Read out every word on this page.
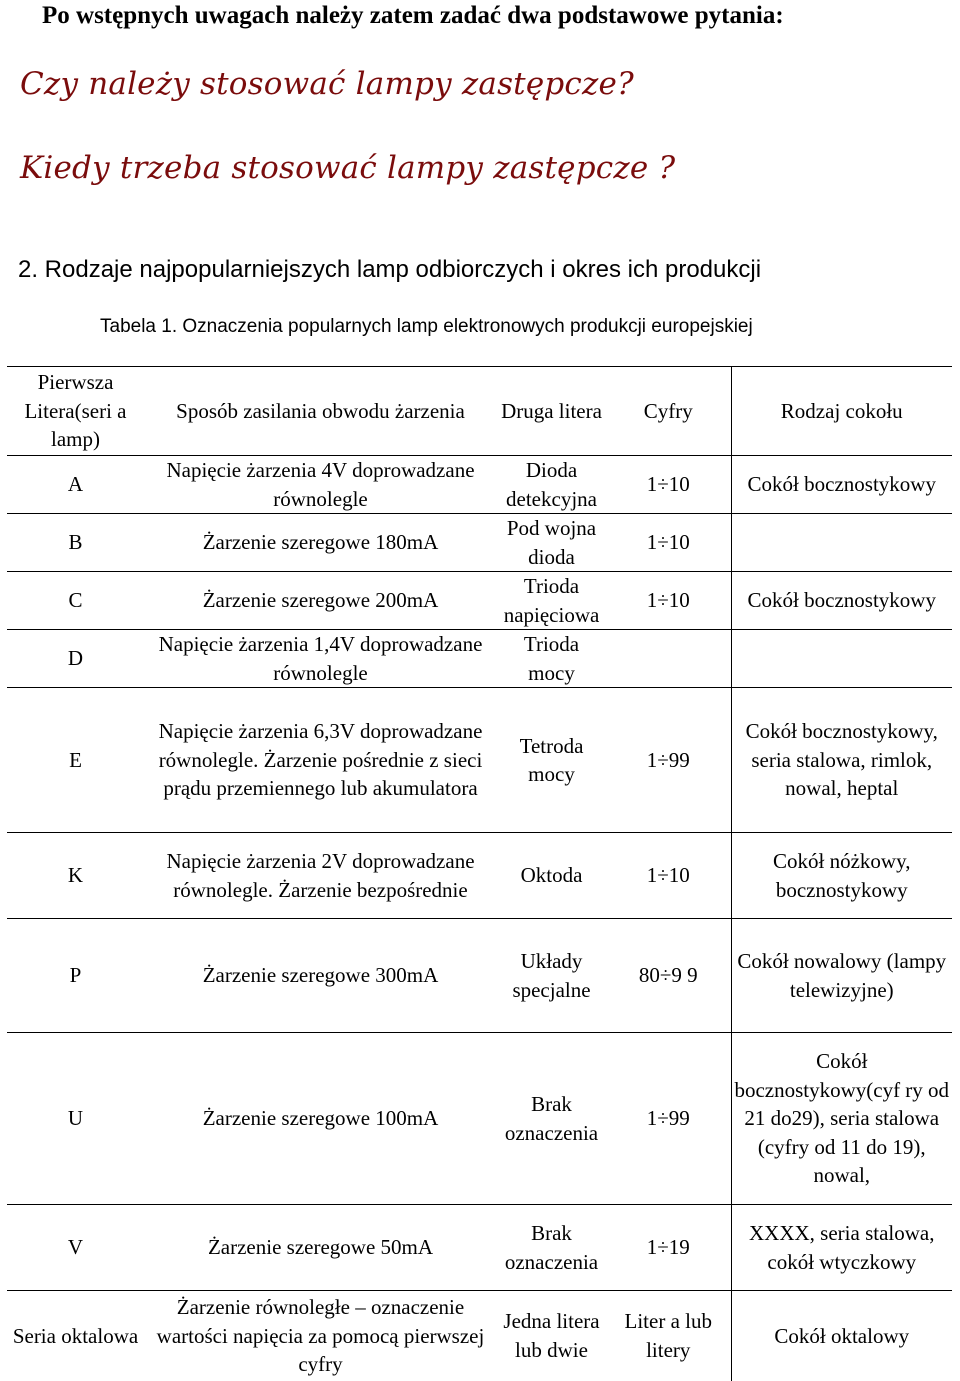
Po wstępnych uwagach należy zatem zadać dwa podstawowe pytania:
Czy należy stosować lampy zastępcze?
Kiedy trzeba stosować lampy zastępcze ?
2. Rodzaje najpopularniejszych lamp odbiorczych i okres ich produkcji
Tabela 1. Oznaczenia popularnych lamp elektronowych produkcji europejskiej
Pierwsza Litera(seri a lamp)	Sposób zasilania obwodu żarzenia	Druga litera	Cyfry	Rodzaj cokołu
A	Napięcie żarzenia 4V doprowadzane równolegle	Dioda detekcyjna	1÷10	Cokół bocznostykowy
B	Żarzenie szeregowe 180mA	Pod wojna dioda	1÷10	
C	Żarzenie szeregowe 200mA	Trioda napięciowa	1÷10	Cokół bocznostykowy
D	Napięcie żarzenia 1,4V doprowadzane równolegle	Trioda mocy		
E	Napięcie żarzenia 6,3V doprowadzane równolegle. Żarzenie pośrednie z sieci prądu przemiennego lub akumulatora	Tetroda mocy	1÷99	Cokół bocznostykowy, seria stalowa, rimlok, nowal, heptal
K	Napięcie żarzenia 2V doprowadzane równolegle. Żarzenie bezpośrednie	Oktoda	1÷10	Cokół nóżkowy, bocznostykowy
P	Żarzenie szeregowe 300mA	Układy specjalne	80÷9 9	Cokół nowalowy (lampy telewizyjne)
U	Żarzenie szeregowe 100mA	Brak oznaczenia	1÷99	Cokół bocznostykowy(cyf ry od 21 do29), seria stalowa (cyfry od 11 do 19), nowal,
V	Żarzenie szeregowe 50mA	Brak oznaczenia	1÷19	XXXX, seria stalowa, cokół wtyczkowy
Seria oktalowa	Żarzenie równoległe – oznaczenie wartości napięcia za pomocą pierwszej cyfry	Jedna litera lub dwie	Liter a lub litery	Cokół oktalowy
